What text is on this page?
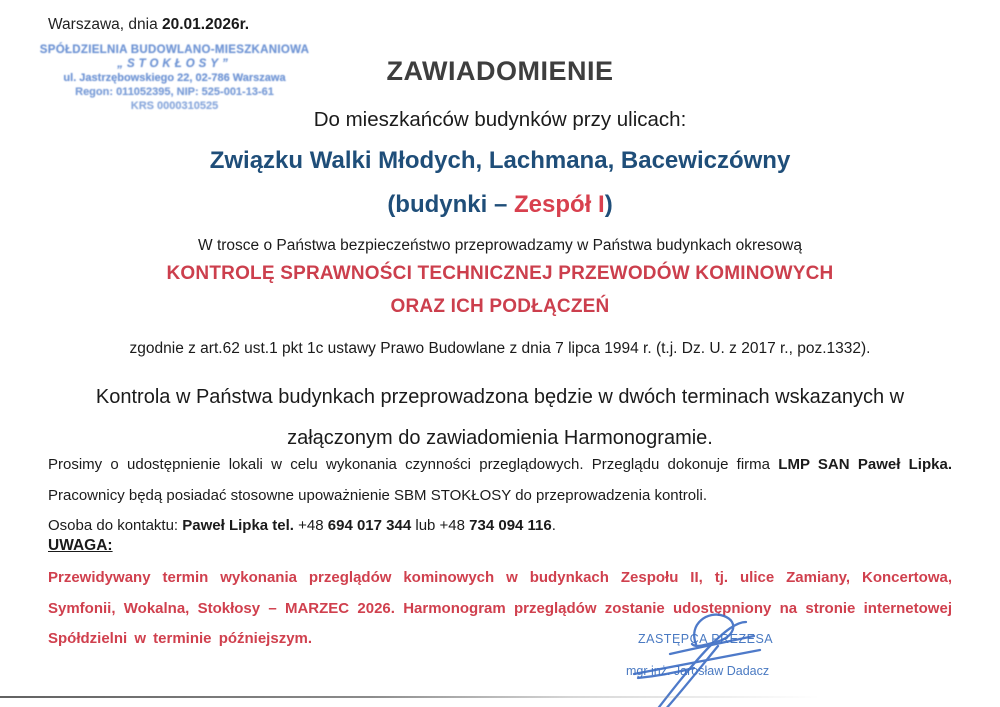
Warszawa, dnia 20.01.2026r.
SPÓŁDZIELNIA BUDOWLANO-MIESZKANIOWA
„STOKŁOSY”
ul. Jastrzębowskiego 22, 02-786 Warszawa
Regon: 011052395, NIP: 525-001-13-61
KRS 0000310525
ZAWIADOMIENIE
Do mieszkańców budynków przy ulicach:
Związku Walki Młodych, Lachmana, Bacewiczówny
(budynki – Zespół I)
W trosce o Państwa bezpieczeństwo przeprowadzamy w Państwa budynkach okresową
KONTROLĘ SPRAWNOŚCI TECHNICZNEJ PRZEWODÓW KOMINOWYCH
ORAZ ICH PODŁĄCZEŃ
zgodnie z art.62 ust.1 pkt 1c ustawy Prawo Budowlane z dnia 7 lipca 1994 r. (t.j. Dz. U. z 2017 r., poz.1332).
Kontrola w Państwa budynkach przeprowadzona będzie w dwóch terminach wskazanych w załączonym do zawiadomienia Harmonogramie.
Prosimy o udostępnienie lokali w celu wykonania czynności przeglądowych. Przeglądu dokonuje firma LMP SAN Paweł Lipka.
Pracownicy będą posiadać stosowne upoważnienie SBM STOKŁOSY do przeprowadzenia kontroli.
Osoba do kontaktu: Paweł Lipka tel. +48 694 017 344 lub +48 734 094 116.
UWAGA:
Przewidywany termin wykonania przeglądów kominowych w budynkach Zespołu II, tj. ulice Zamiany, Koncertowa, Symfonii, Wokalna, Stokłosy – MARZEC 2026. Harmonogram przeglądów zostanie udostępniony na stronie internetowej Spółdzielni w terminie późniejszym.	ZASTĘPCA PREZESA
mgr inż. Jarosław Dadacz
